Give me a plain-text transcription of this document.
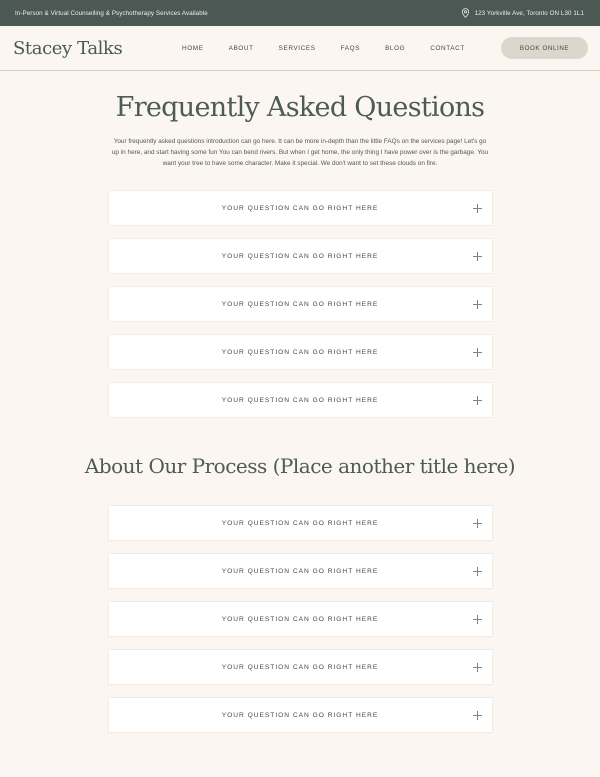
In-Person & Virtual Counselling & Psychotherapy Services Available	123 Yorkville Ave, Toronto ON L30 1L1
Stacey Talks	HOME	ABOUT	SERVICES	FAQS	BLOG	CONTACT	BOOK ONLINE
Frequently Asked Questions

Your frequently asked questions introduction can go here. It can be more in-depth than the little FAQs on the services page! Let's go up in here, and start having some fun You can bend rivers. But when I get home, the only thing I have power over is the garbage. You want your tree to have some character. Make it special. We don't want to set these clouds on fire.

YOUR QUESTION CAN GO RIGHT HERE
YOUR QUESTION CAN GO RIGHT HERE
YOUR QUESTION CAN GO RIGHT HERE
YOUR QUESTION CAN GO RIGHT HERE
YOUR QUESTION CAN GO RIGHT HERE
About Our Process (Place another title here)
YOUR QUESTION CAN GO RIGHT HERE
YOUR QUESTION CAN GO RIGHT HERE
YOUR QUESTION CAN GO RIGHT HERE
YOUR QUESTION CAN GO RIGHT HERE
YOUR QUESTION CAN GO RIGHT HERE
